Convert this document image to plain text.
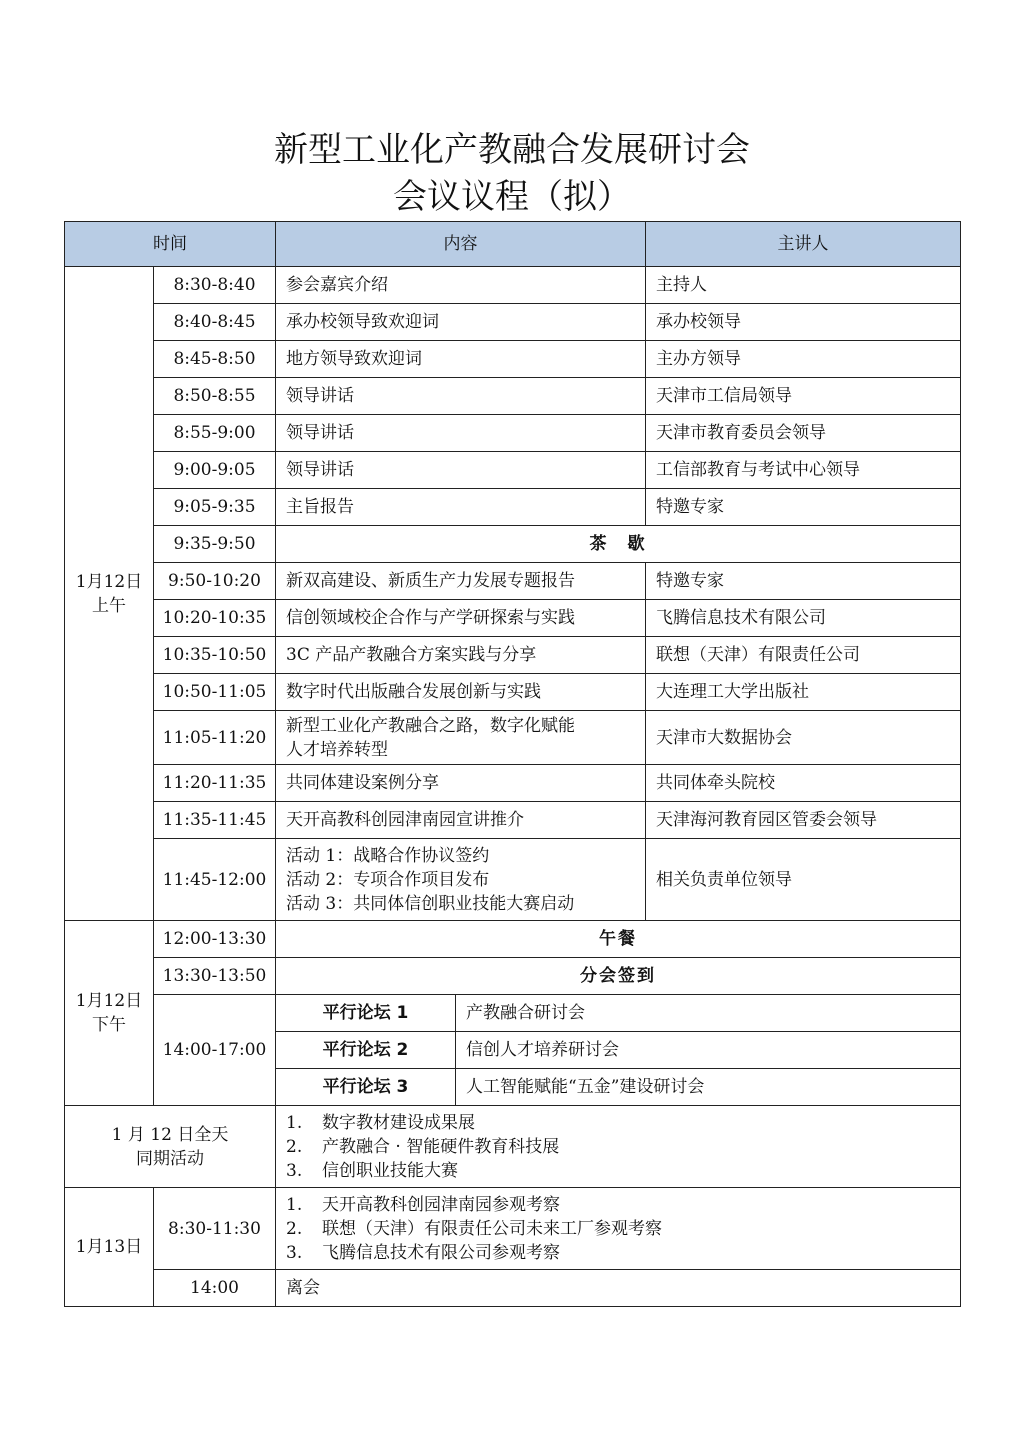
新型工业化产教融合发展研讨会
会议议程（拟）
时间		内容		主讲人

1月12日
上午	8:30-8:40	参会嘉宾介绍		主持人
	8:40-8:45	承办校领导致欢迎词		承办校领导
	8:45-8:50	地方领导致欢迎词		主办方领导
	8:50-8:55	领导讲话		天津市工信局领导
	8:55-9:00	领导讲话		天津市教育委员会领导
	9:00-9:05	领导讲话		工信部教育与考试中心领导
	9:05-9:35	主旨报告		特邀专家
	9:35-9:50	茶　歇		
	9:50-10:20	新双高建设、新质生产力发展专题报告		特邀专家
	10:20-10:35	信创领域校企合作与产学研探索与实践		飞腾信息技术有限公司
	10:35-10:50	3C 产品产教融合方案实践与分享		联想（天津）有限责任公司
	10:50-11:05	数字时代出版融合发展创新与实践		大连理工大学出版社
	11:05-11:20	新型工业化产教融合之路，数字化赋能
人才培养转型		天津市大数据协会
	11:20-11:35	共同体建设案例分享		共同体牵头院校
	11:35-11:45	天开高教科创园津南园宣讲推介		天津海河教育园区管委会领导
	11:45-12:00	活动 1：战略合作协议签约
活动 2：专项合作项目发布
活动 3：共同体信创职业技能大赛启动		相关负责单位领导

1月12日
下午	12:00-13:30	午餐		
	13:30-13:50	分会签到		
	14:00-17:00	平行论坛 1	产教融合研讨会	
		平行论坛 2	信创人才培养研讨会	
		平行论坛 3	人工智能赋能“五金”建设研讨会	

1 月 12 日全天
同期活动		1. 数字教材建设成果展
2. 产教融合 · 智能硬件教育科技展
3. 信创职业技能大赛		

1月13日	8:30-11:30	1. 天开高教科创园津南园参观考察
2. 联想（天津）有限责任公司未来工厂参观考察
3. 飞腾信息技术有限公司参观考察		

	14:00	离会		
